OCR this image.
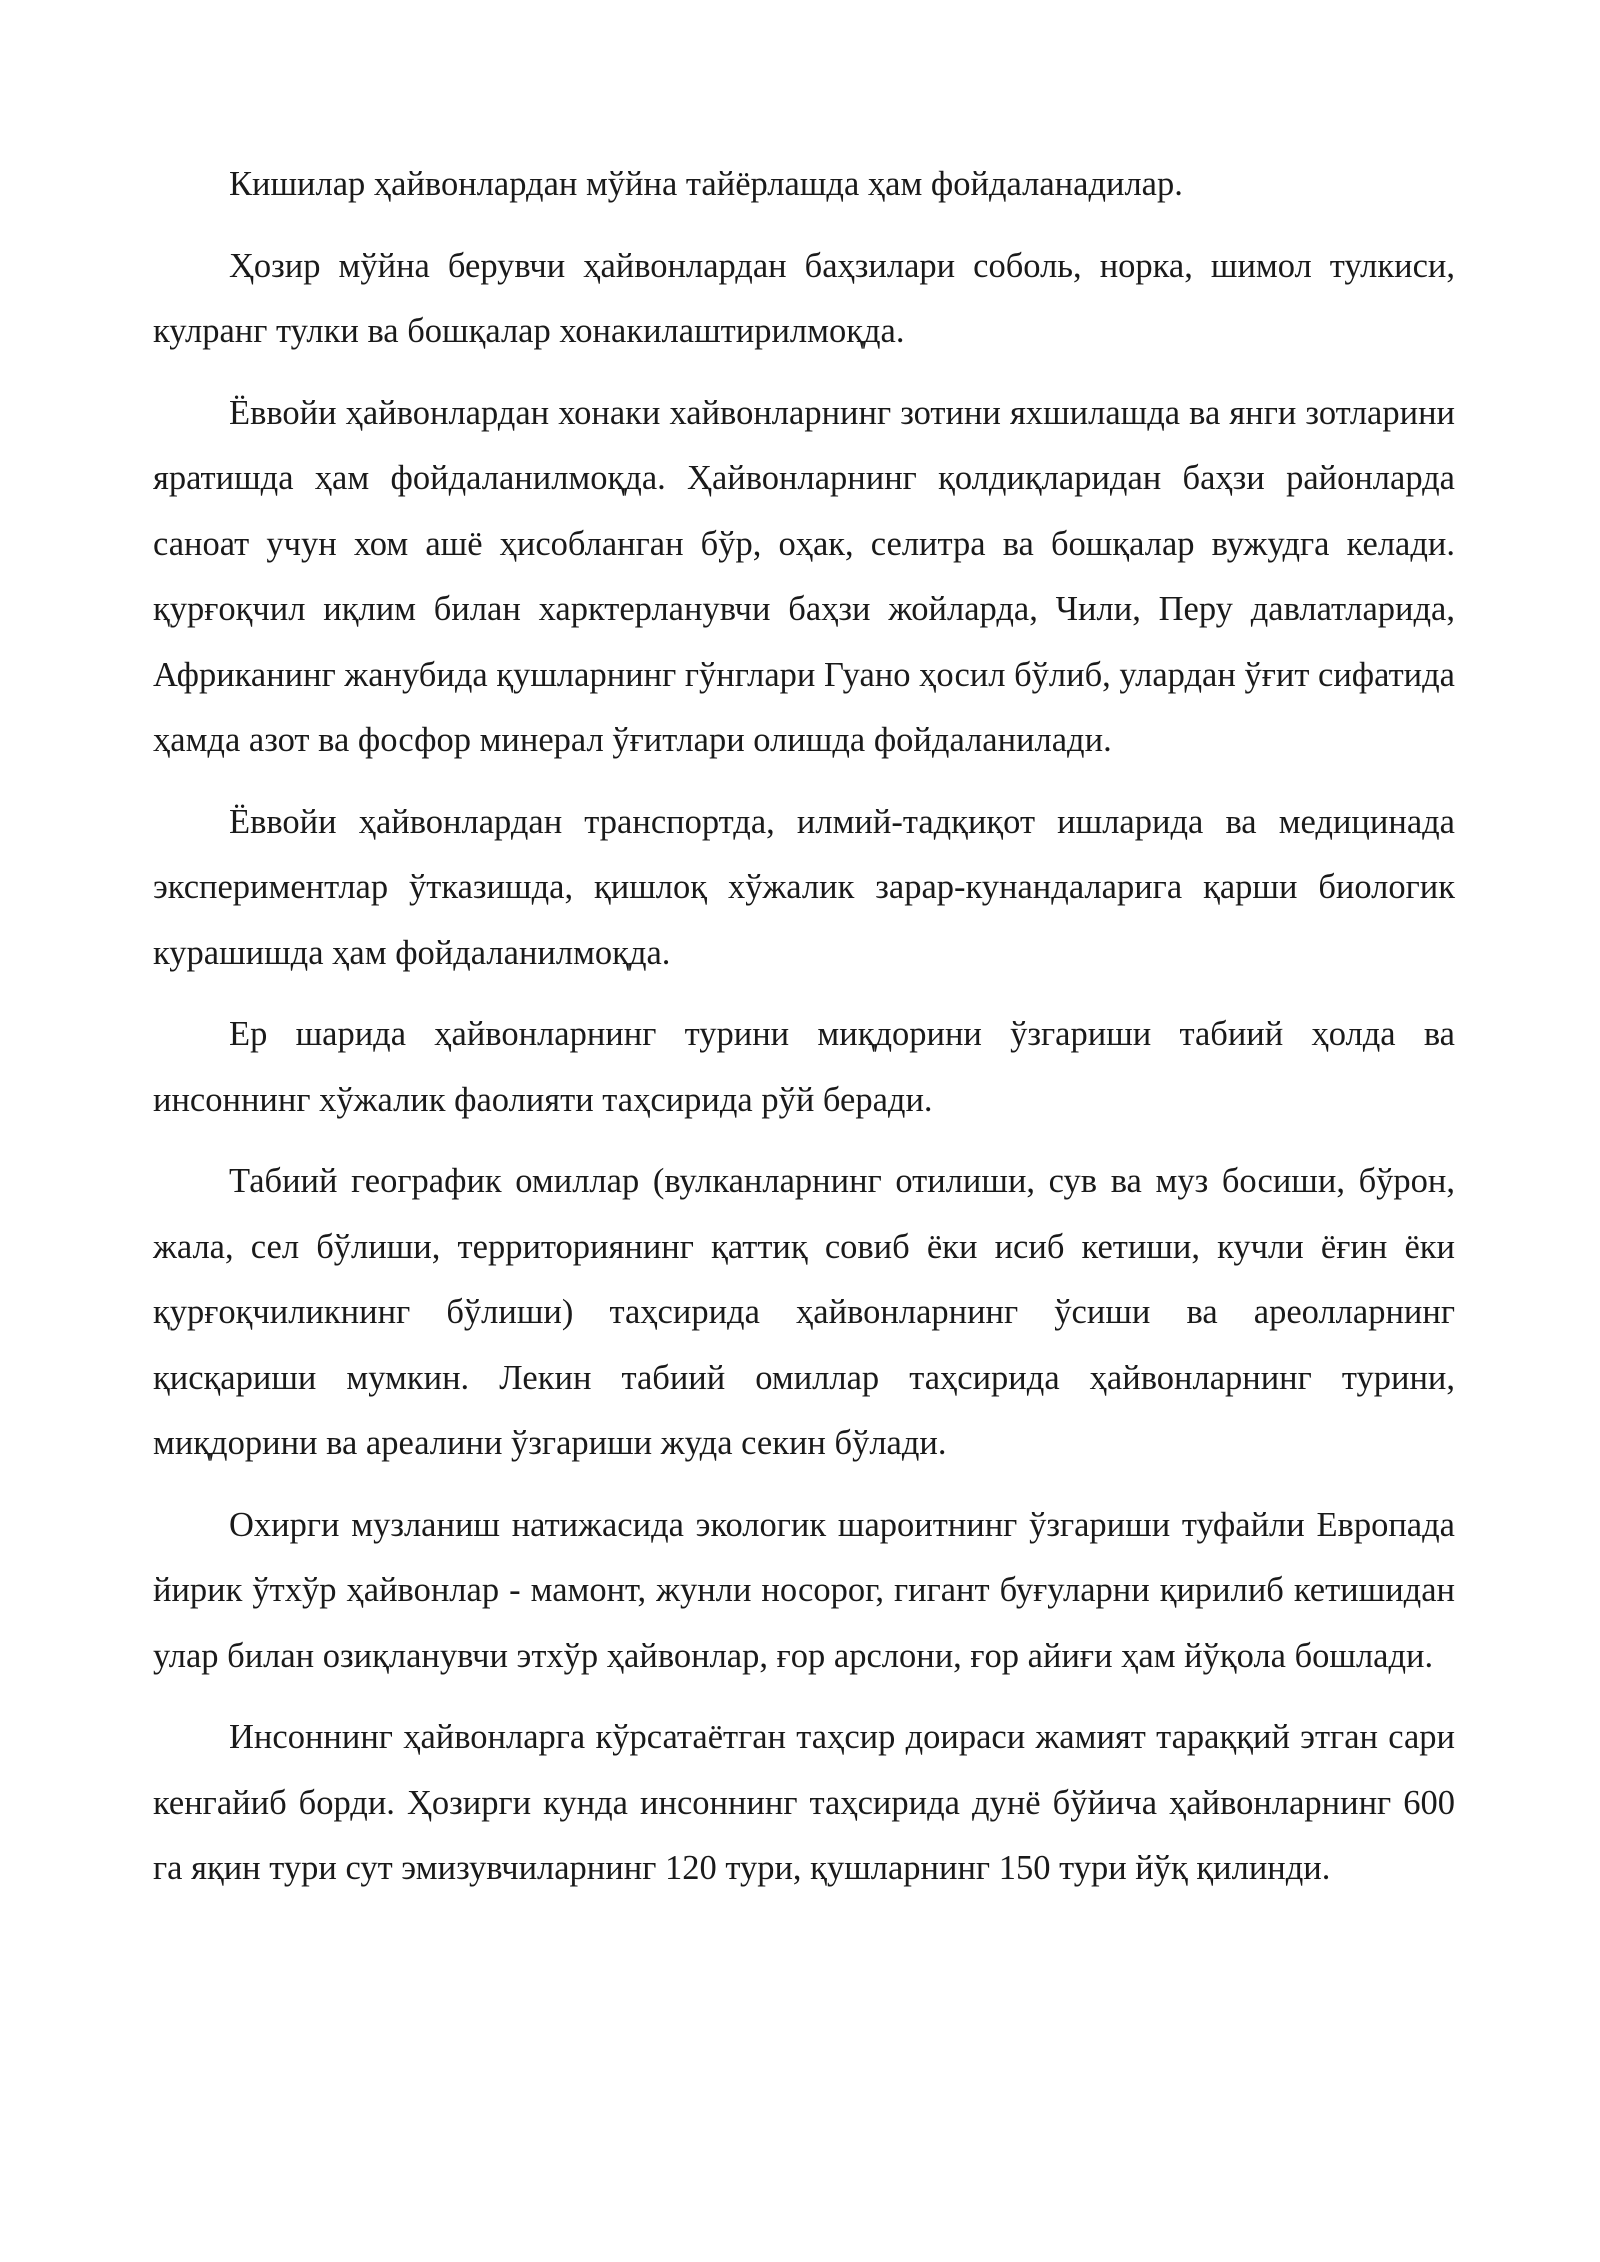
Кишилар ҳайвонлардан мўйна тайёрлашда ҳам фойдаланадилар.

Ҳозир мўйна берувчи ҳайвонлардан баҳзилари соболь, норка, шимол тулкиси, кулранг тулки ва бошқалар хонакилаштирилмоқда.

Ёввойи ҳайвонлардан хонаки хайвонларнинг зотини яхшилашда ва янги зотларини яратишда ҳам фойдаланилмоқда. Ҳайвонларнинг қолдиқларидан баҳзи районларда саноат учун хом ашё ҳисобланган бўр, оҳак, селитра ва бошқалар вужудга келади. қурғоқчил иқлим билан харктерланувчи баҳзи жойларда, Чили, Перу давлатларида, Африканинг жанубида қушларнинг гўнглари Гуано ҳосил бўлиб, улардан ўғит сифатида ҳамда азот ва фосфор минерал ўғитлари олишда фойдаланилади.

Ёввойи ҳайвонлардан транспортда, илмий-тадқиқот ишларида ва медицинада экспериментлар ўтказишда, қишлоқ хўжалик зарар-кунандаларига қарши биологик курашишда ҳам фойдаланилмоқда.

Ер шарида ҳайвонларнинг турини миқдорини ўзгариши табиий ҳолда ва инсоннинг хўжалик фаолияти таҳсирида рўй беради.

Табиий географик омиллар (вулканларнинг отилиши, сув ва муз босиши, бўрон, жала, сел бўлиши, территориянинг қаттиқ совиб ёки исиб кетиши, кучли ёғин ёки қурғоқчиликнинг бўлиши) таҳсирида ҳайвонларнинг ўсиши ва ареолларнинг қисқариши мумкин. Лекин табиий омиллар таҳсирида ҳайвонларнинг турини, миқдорини ва ареалини ўзгариши жуда секин бўлади.

Охирги музланиш натижасида экологик шароитнинг ўзгариши туфайли Европада йирик ўтхўр ҳайвонлар - мамонт, жунли носорог, гигант буғуларни қирилиб кетишидан улар билан озиқланувчи этхўр ҳайвонлар, ғор арслони, ғор айиғи ҳам йўқола бошлади.

Инсоннинг ҳайвонларга кўрсатаётган таҳсир доираси жамият тараққий этган сари кенгайиб борди. Ҳозирги кунда инсоннинг таҳсирида дунё бўйича ҳайвонларнинг 600 га яқин тури сут эмизувчиларнинг 120 тури, қушларнинг 150 тури йўқ қилинди.
